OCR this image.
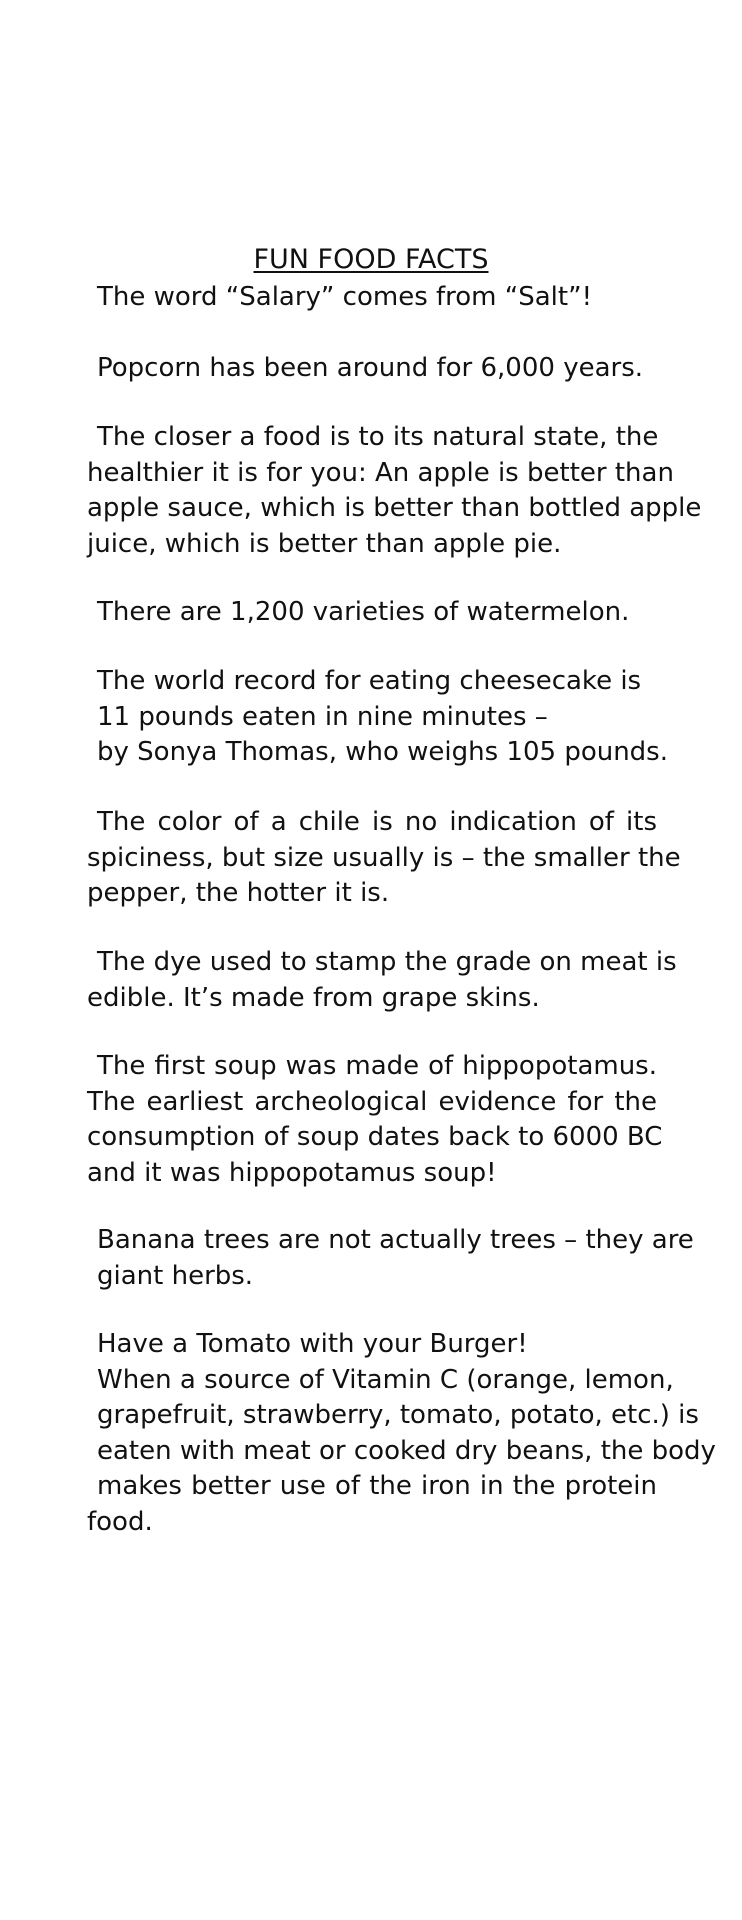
FUN FOOD FACTS
The word “Salary” comes from “Salt”!
Popcorn has been around for 6,000 years.
The closer a food is to its natural state, the
healthier it is for you: An apple is better than
apple sauce, which is better than bottled apple
juice, which is better than apple pie.
There are 1,200 varieties of watermelon.
The world record for eating cheesecake is
11 pounds eaten in nine minutes –
by Sonya Thomas, who weighs 105 pounds.
The color of a chile is no indication of its
spiciness, but size usually is – the smaller the
pepper, the hotter it is.
The dye used to stamp the grade on meat is
edible. It’s made from grape skins.
The first soup was made of hippopotamus.
The earliest archeological evidence for the
consumption of soup dates back to 6000 BC
and it was hippopotamus soup!
Banana trees are not actually trees – they are
giant herbs.
Have a Tomato with your Burger!
When a source of Vitamin C (orange, lemon,
grapefruit, strawberry, tomato, potato, etc.) is
eaten with meat or cooked dry beans, the body
makes better use of the iron in the protein
food.
